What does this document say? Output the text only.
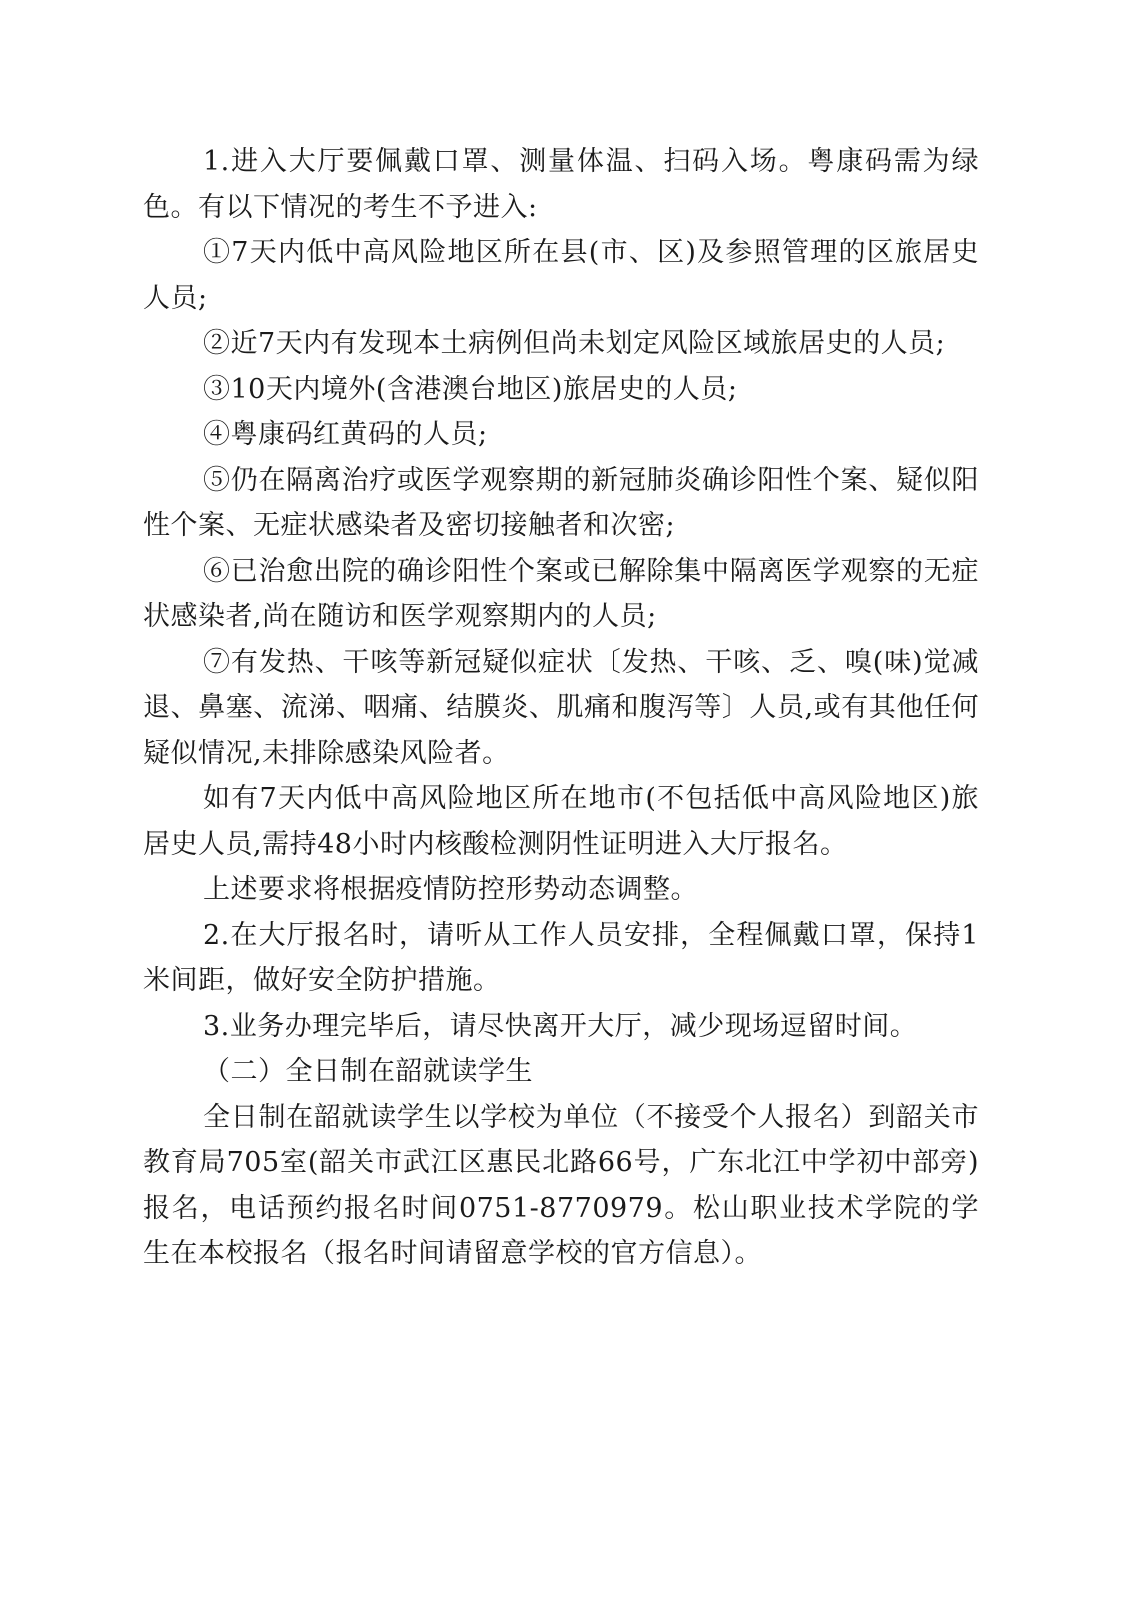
1.进入大厅要佩戴口罩、测量体温、扫码入场。粤康码需为绿色。有以下情况的考生不予进入:

①7天内低中高风险地区所在县(市、区)及参照管理的区旅居史人员;

②近7天内有发现本土病例但尚未划定风险区域旅居史的人员;

③10天内境外(含港澳台地区)旅居史的人员;

④粤康码红黄码的人员;

⑤仍在隔离治疗或医学观察期的新冠肺炎确诊阳性个案、疑似阳性个案、无症状感染者及密切接触者和次密;

⑥已治愈出院的确诊阳性个案或已解除集中隔离医学观察的无症状感染者,尚在随访和医学观察期内的人员;

⑦有发热、干咳等新冠疑似症状〔发热、干咳、乏、嗅(味)觉减退、鼻塞、流涕、咽痛、结膜炎、肌痛和腹泻等〕人员,或有其他任何疑似情况,未排除感染风险者。

如有7天内低中高风险地区所在地市(不包括低中高风险地区)旅居史人员,需持48小时内核酸检测阴性证明进入大厅报名。

上述要求将根据疫情防控形势动态调整。

2.在大厅报名时，请听从工作人员安排，全程佩戴口罩，保持1米间距，做好安全防护措施。

3.业务办理完毕后，请尽快离开大厅，减少现场逗留时间。

（二）全日制在韶就读学生

全日制在韶就读学生以学校为单位（不接受个人报名）到韶关市教育局705室(韶关市武江区惠民北路66号，广东北江中学初中部旁)报名，电话预约报名时间0751-8770979。松山职业技术学院的学生在本校报名（报名时间请留意学校的官方信息）。
